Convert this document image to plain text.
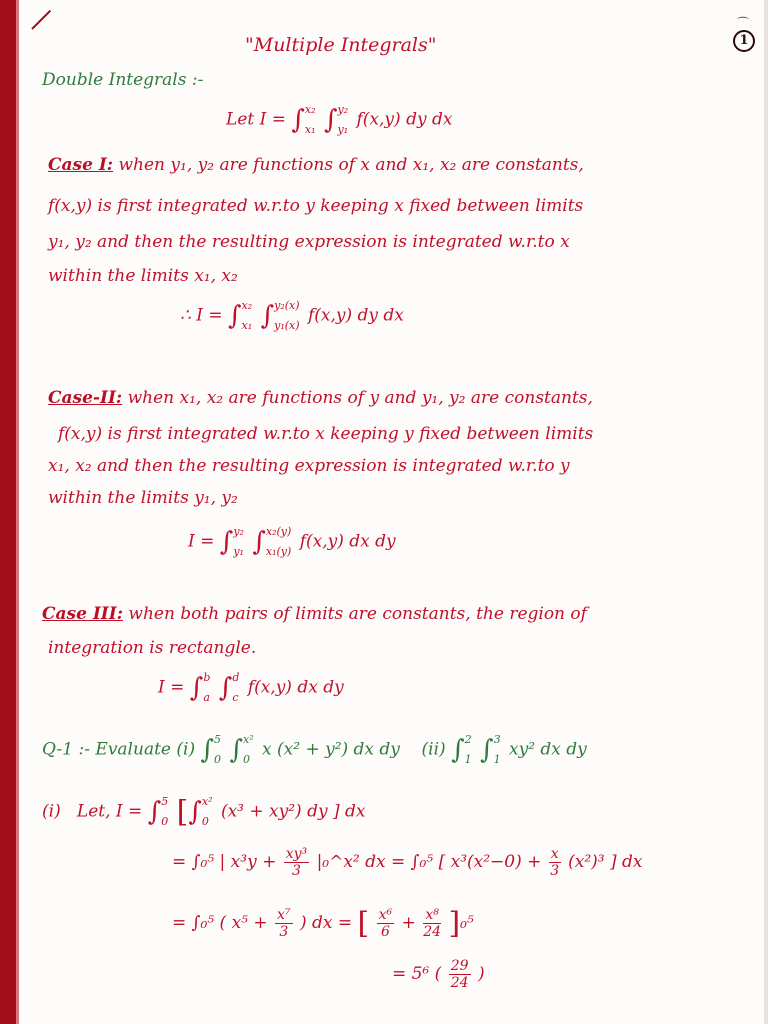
⌒
1
"Multiple Integrals"
Double Integrals :-
Let I = ∫ x₂
x₁ ∫ y₂
y₁ f(x,y) dy dx
Case I: when y₁, y₂ are functions of x and x₁, x₂ are constants,
f(x,y) is first integrated w.r.to y keeping x fixed between limits
y₁, y₂ and then the resulting expression is integrated w.r.to x
within the limits x₁, x₂
∴ I = ∫ x₂
x₁ ∫ y₂(x)
y₁(x) f(x,y) dy dx
Case-II: when x₁, x₂ are functions of y and y₁, y₂ are constants,
f(x,y) is first integrated w.r.to x keeping y fixed between limits
x₁, x₂ and then the resulting expression is integrated w.r.to y
within the limits y₁, y₂
I = ∫ y₂
y₁ ∫ x₂(y)
x₁(y) f(x,y) dx dy
Case III: when both pairs of limits are constants, the region of
integration is rectangle.
I = ∫ b
a ∫ d
c f(x,y) dx dy
Q-1 :- Evaluate (i) ∫ 5
0 ∫ x²
0 x (x² + y²) dx dy (ii) ∫ 2
1 ∫ 3
1 xy² dx dy
(i) Let, I = ∫ 5
0 [∫ x²
0 (x³ + xy²) dy ] dx
= ∫₀⁵ | $x^3y + \frac{\text{xy³}}{3}$ |₀^x² dx = ∫₀⁵ [ $x^3(x^2-0) + \frac{x}{3} (x^2)^3$ ] dx
= ∫₀⁵ ( $x^5 + \frac{\text{x⁷}}{3}$ ) dx = [ $\frac{\text{x⁶}}{6} + \frac{\text{x⁸}}{24} ]_0^5$
= 5⁶ ( $\frac{29}{24}$ )
